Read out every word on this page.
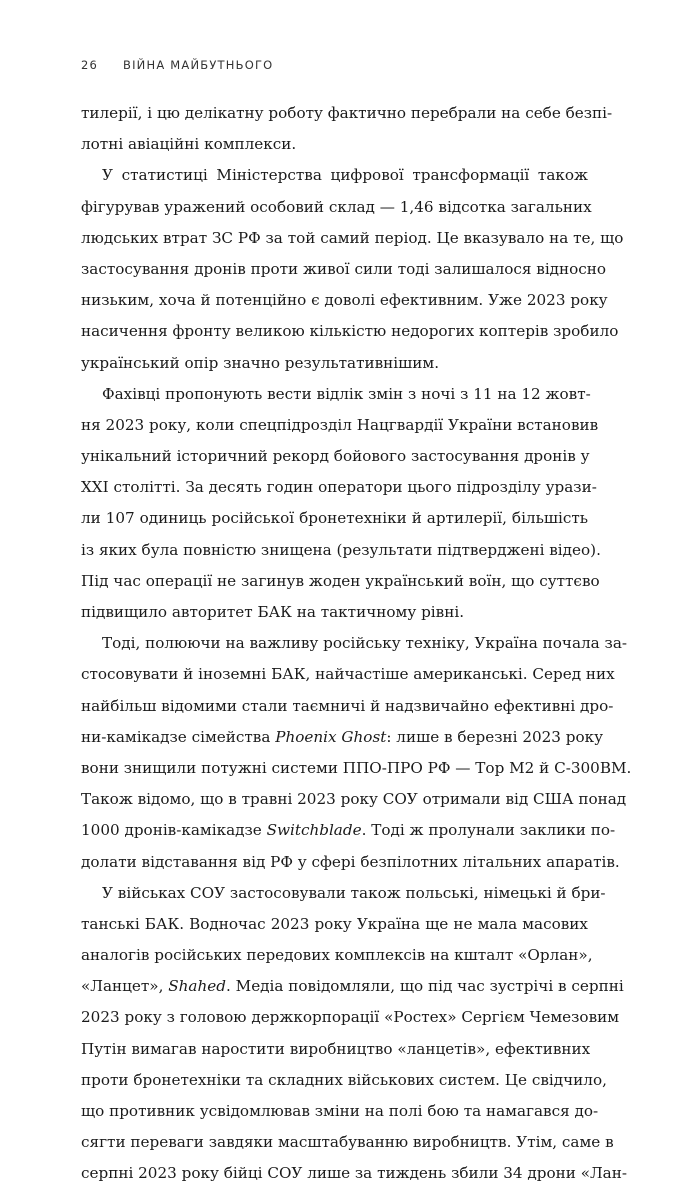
26 ВІЙНА МАЙБУТНЬОГО
тилерії, і цю делікатну роботу фактично перебрали на себе безпі-
лотні авіаційні комплекси.
У статистиці Міністерства цифрової трансформації також
фігурував уражений особовий склад — 1,46 відсотка загальних
людських втрат ЗС РФ за той самий період. Це вказувало на те, що
застосування дронів проти живої сили тоді залишалося відносно
низьким, хоча й потенційно є доволі ефективним. Уже 2023 року
насичення фронту великою кількістю недорогих коптерів зробило
український опір значно результативнішим.
Фахівці пропонують вести відлік змін з ночі з 11 на 12 жовт-
ня 2023 року, коли спецпідрозділ Нацгвардії України встановив
унікальний історичний рекорд бойового застосування дронів у
ХХІ столітті. За десять годин оператори цього підрозділу урази-
ли 107 одиниць російської бронетехніки й артилерії, більшість
із яких була повністю знищена (результати підтверджені відео).
Під час операції не загинув жоден український воїн, що суттєво
підвищило авторитет БАК на тактичному рівні.
Тоді, полюючи на важливу російську техніку, Україна почала за-
стосовувати й іноземні БАК, найчастіше американські. Серед них
найбільш відомими стали таємничі й надзвичайно ефективні дро-
ни-камікадзе сімейства Phoenix Ghost: лише в березні 2023 року
вони знищили потужні системи ППО-ПРО РФ — Тор М2 й С-300ВМ.
Також відомо, що в травні 2023 року СОУ отримали від США понад
1000 дронів-камікадзе Switchblade. Тоді ж пролунали заклики по-
долати відставання від РФ у сфері безпілотних літальних апаратів.
У військах СОУ застосовували також польські, німецькі й бри-
танські БАК. Водночас 2023 року Україна ще не мала масових
аналогів російських передових комплексів на кшталт «Орлан»,
«Ланцет», Shahed. Медіа повідомляли, що під час зустрічі в серпні
2023 року з головою держкорпорації «Ростех» Сергієм Чемезовим
Путін вимагав наростити виробництво «ланцетів», ефективних
проти бронетехніки та складних військових систем. Це свідчило,
що противник усвідомлював зміни на полі бою та намагався до-
сягти переваги завдяки масштабуванню виробництв. Утім, саме в
серпні 2023 року бійці СОУ лише за тиждень збили 34 дрони «Лан-
